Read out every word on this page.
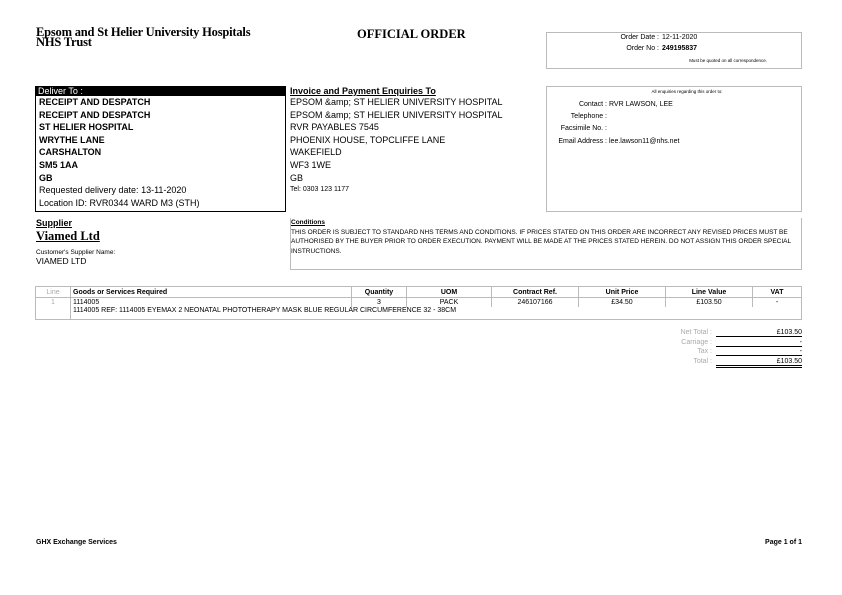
Epsom and St Helier University Hospitals
NHS Trust
OFFICIAL ORDER	Order Date : 12-11-2020
Order No : 249195837
Must be quoted on all correspondence.
Deliver To :
RECEIPT AND DESPATCH
RECEIPT AND DESPATCH
ST HELIER HOSPITAL
WRYTHE LANE
CARSHALTON
SM5 1AA
GB
Requested delivery date: 13-11-2020
Location ID: RVR0344 WARD M3 (STH)
Invoice and Payment Enquiries To
EPSOM &amp; ST HELIER UNIVERSITY HOSPITAL
EPSOM &amp; ST HELIER UNIVERSITY HOSPITAL
RVR PAYABLES 7545
PHOENIX HOUSE, TOPCLIFFE LANE
WAKEFIELD
WF3 1WE
GB
Tel: 0303 123 1177
All enquiries regarding this order to:
Contact : RVR LAWSON, LEE
Telephone :
Facsimile No. :
Email Address : lee.lawson11@nhs.net
Supplier
Viamed Ltd
Customer's Supplier Name:
VIAMED LTD
Conditions
THIS ORDER IS SUBJECT TO STANDARD NHS TERMS AND CONDITIONS. IF PRICES STATED ON THIS ORDER ARE INCORRECT ANY REVISED PRICES MUST BE AUTHORISED BY THE BUYER PRIOR TO ORDER EXECUTION. PAYMENT WILL BE MADE AT THE PRICES STATED HEREIN. DO NOT ASSIGN THIS ORDER SPECIAL INSTRUCTIONS.
Line	Goods or Services Required	Quantity	UOM	Contract Ref.	Unit Price	Line Value	VAT
1	1114005	3	PACK	246107166	£34.50	£103.50	-
	1114005 REF: 1114005 EYEMAX 2 NEONATAL PHOTOTHERAPY MASK BLUE REGULAR CIRCUMFERENCE 32 - 38CM						
Net Total :	£103.50
Carriage :	-
Tax :	-
Total :	£103.50
GHX Exchange Services	Page 1 of 1
